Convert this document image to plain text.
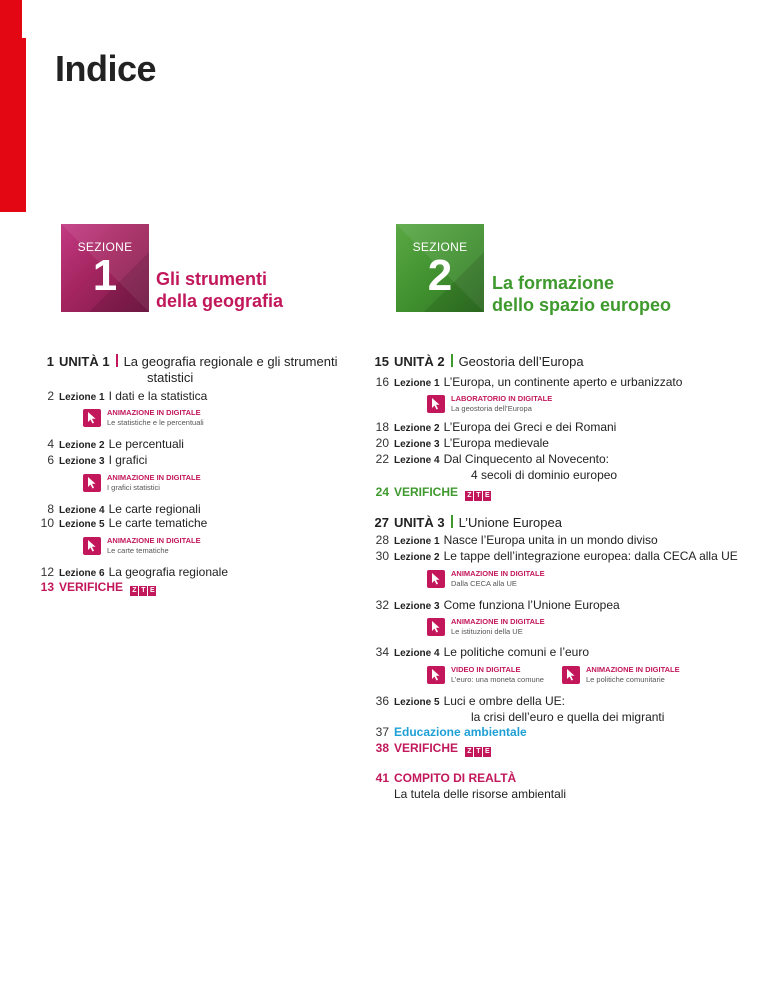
Indice
SEZIONE
1	Gli strumenti
della geografia
SEZIONE
2	La formazione
dello spazio europeo
1 UNITÀ 1 La geografia regionale e gli strumenti
statistici
2 Lezione 1 I dati e la statistica
ANIMAZIONE IN DIGITALE
Le statistiche e le percentuali
4 Lezione 2 Le percentuali
6 Lezione 3 I grafici
ANIMAZIONE IN DIGITALE
I grafici statistici
8 Lezione 4 Le carte regionali
10 Lezione 5 Le carte tematiche
ANIMAZIONE IN DIGITALE
Le carte tematiche
12 Lezione 6 La geografia regionale
13 VERIFICHE Z T E
15 UNITÀ 2 Geostoria dell’Europa
16 Lezione 1 L’Europa, un continente aperto e urbanizzato
LABORATORIO IN DIGITALE
La geostoria dell’Europa
18 Lezione 2 L’Europa dei Greci e dei Romani
20 Lezione 3 L’Europa medievale
22 Lezione 4 Dal Cinquecento al Novecento:
4 secoli di dominio europeo
24 VERIFICHE Z T E
27 UNITÀ 3 L’Unione Europea
28 Lezione 1 Nasce l’Europa unita in un mondo diviso
30 Lezione 2 Le tappe dell’integrazione europea: dalla CECA alla UE
ANIMAZIONE IN DIGITALE
Dalla CECA alla UE
32 Lezione 3 Come funziona l’Unione Europea
ANIMAZIONE IN DIGITALE
Le istituzioni della UE
34 Lezione 4 Le politiche comuni e l’euro
VIDEO IN DIGITALE
L’euro: una moneta comune
ANIMAZIONE IN DIGITALE
Le politiche comunitarie
36 Lezione 5 Luci e ombre della UE:
la crisi dell’euro e quella dei migranti
37 Educazione ambientale
38 VERIFICHE Z T E
41 COMPITO DI REALTÀ
La tutela delle risorse ambientali
